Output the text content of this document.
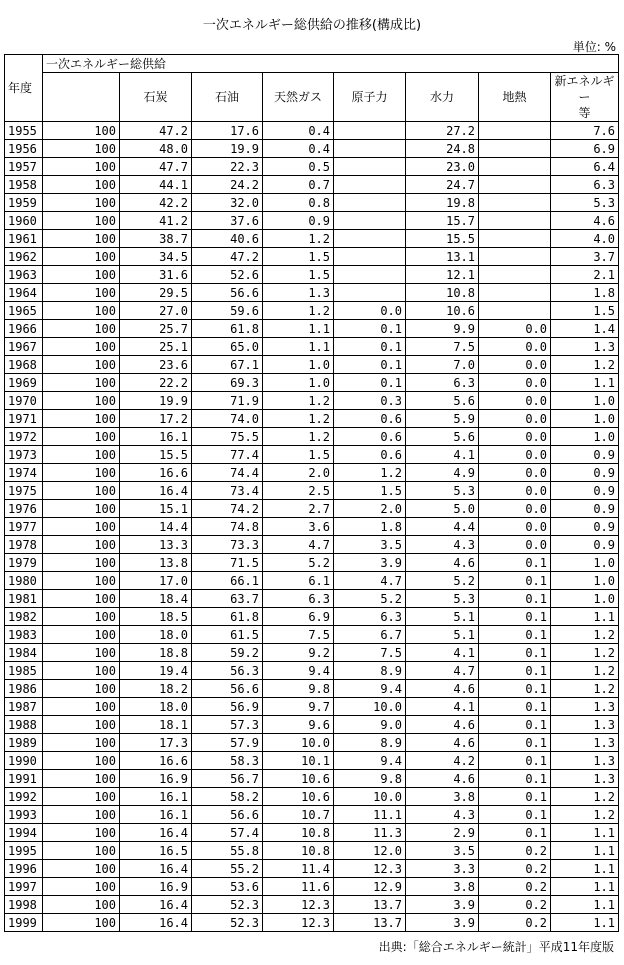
一次エネルギー総供給の推移(構成比)
単位: %
年度	一次エネルギー総供給							
		石炭	石油	天然ガス	原子力	水力	地熱	新エネルギー
等
1955	100	47.2	17.6	0.4		27.2		7.6
1956	100	48.0	19.9	0.4		24.8		6.9
1957	100	47.7	22.3	0.5		23.0		6.4
1958	100	44.1	24.2	0.7		24.7		6.3
1959	100	42.2	32.0	0.8		19.8		5.3
1960	100	41.2	37.6	0.9		15.7		4.6
1961	100	38.7	40.6	1.2		15.5		4.0
1962	100	34.5	47.2	1.5		13.1		3.7
1963	100	31.6	52.6	1.5		12.1		2.1
1964	100	29.5	56.6	1.3		10.8		1.8
1965	100	27.0	59.6	1.2	0.0	10.6		1.5
1966	100	25.7	61.8	1.1	0.1	9.9	0.0	1.4
1967	100	25.1	65.0	1.1	0.1	7.5	0.0	1.3
1968	100	23.6	67.1	1.0	0.1	7.0	0.0	1.2
1969	100	22.2	69.3	1.0	0.1	6.3	0.0	1.1
1970	100	19.9	71.9	1.2	0.3	5.6	0.0	1.0
1971	100	17.2	74.0	1.2	0.6	5.9	0.0	1.0
1972	100	16.1	75.5	1.2	0.6	5.6	0.0	1.0
1973	100	15.5	77.4	1.5	0.6	4.1	0.0	0.9
1974	100	16.6	74.4	2.0	1.2	4.9	0.0	0.9
1975	100	16.4	73.4	2.5	1.5	5.3	0.0	0.9
1976	100	15.1	74.2	2.7	2.0	5.0	0.0	0.9
1977	100	14.4	74.8	3.6	1.8	4.4	0.0	0.9
1978	100	13.3	73.3	4.7	3.5	4.3	0.0	0.9
1979	100	13.8	71.5	5.2	3.9	4.6	0.1	1.0
1980	100	17.0	66.1	6.1	4.7	5.2	0.1	1.0
1981	100	18.4	63.7	6.3	5.2	5.3	0.1	1.0
1982	100	18.5	61.8	6.9	6.3	5.1	0.1	1.1
1983	100	18.0	61.5	7.5	6.7	5.1	0.1	1.2
1984	100	18.8	59.2	9.2	7.5	4.1	0.1	1.2
1985	100	19.4	56.3	9.4	8.9	4.7	0.1	1.2
1986	100	18.2	56.6	9.8	9.4	4.6	0.1	1.2
1987	100	18.0	56.9	9.7	10.0	4.1	0.1	1.3
1988	100	18.1	57.3	9.6	9.0	4.6	0.1	1.3
1989	100	17.3	57.9	10.0	8.9	4.6	0.1	1.3
1990	100	16.6	58.3	10.1	9.4	4.2	0.1	1.3
1991	100	16.9	56.7	10.6	9.8	4.6	0.1	1.3
1992	100	16.1	58.2	10.6	10.0	3.8	0.1	1.2
1993	100	16.1	56.6	10.7	11.1	4.3	0.1	1.2
1994	100	16.4	57.4	10.8	11.3	2.9	0.1	1.1
1995	100	16.5	55.8	10.8	12.0	3.5	0.2	1.1
1996	100	16.4	55.2	11.4	12.3	3.3	0.2	1.1
1997	100	16.9	53.6	11.6	12.9	3.8	0.2	1.1
1998	100	16.4	52.3	12.3	13.7	3.9	0.2	1.1
1999	100	16.4	52.3	12.3	13.7	3.9	0.2	1.1
出典:「総合エネルギー統計」平成11年度版
